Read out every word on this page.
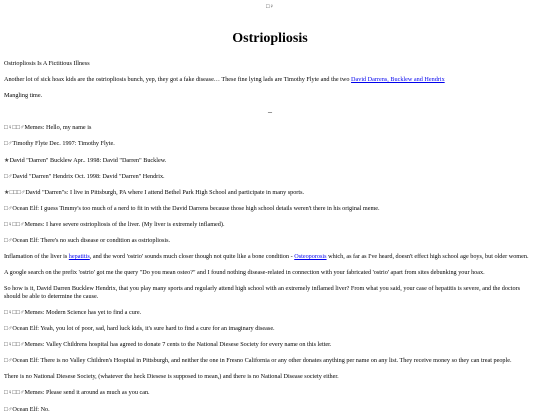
□♀
Ostriopliosis

Ostriopliosis Is A Fictitious Illness

Another lot of sick hoax kids are the ostriopliosis bunch, yep, they got a fake disease… These fine lying lads are Timothy Flyte and the two David Darrens, Bucklew and Hendrix

Mangling time.

–
□♀□□♂Memes: Hello, my name is
□♂Timothy Flyte Dec. 1997: Timothy Flyte.
★David "Darren" Bucklew Apr.. 1998: David "Darren" Bucklew.
□♂David "Darren" Hendrix Oct. 1998: David "Darren" Hendrix.
★□□□♂David "Darren"s: I live in Pittsburgh, PA where I attend Bethel Park High School and participate in many sports.
□♂Ocean Elf: I guess Timmy's too much of a nerd to fit in with the David Darrens because those high school details weren't there in his original meme.
□♀□□♂Memes: I have severe ostriopliosis of the liver. (My liver is extremely inflamed).
□♂Ocean Elf: There's no such disease or condition as ostriopliosis.

Inflamation of the liver is hepatitis, and the word 'ostrio' sounds much closer though not quite like a bone condition - Osteoporosis which, as far as I've heard, doesn't effect high school age boys, but older women.

A google search on the prefix 'ostrio' got me the query "Do you mean osteo?" and I found nothing disease-related in connection with your fabricated 'ostrio' apart from sites debunking your hoax.

So how is it, David Darren Bucklew Hendrix, that you play many sports and regularly attend high school with an extremely inflamed liver? From what you said, your case of hepatitis is severe, and the doctors should be able to determine the cause.

□♀□□♂Memes: Modern Science has yet to find a cure.
□♂Ocean Elf: Yeah, you lot of poor, sad, hard luck kids, it's sure hard to find a cure for an imaginary disease.
□♀□□♂Memes: Valley Childrens hospital has agreed to donate 7 cents to the National Diesese Society for every name on this letter.
□♂Ocean Elf: There is no Valley Children's Hospital in Pittsburgh, and neither the one in Fresno California or any other donates anything per name on any list. They receive money so they can treat people.

There is no National Diesese Society, (whatever the heck Diesese is supposed to mean,) and there is no National Disease society either.

□♀□□♂Memes: Please send it around as much as you can.
□♂Ocean Elf: No.
